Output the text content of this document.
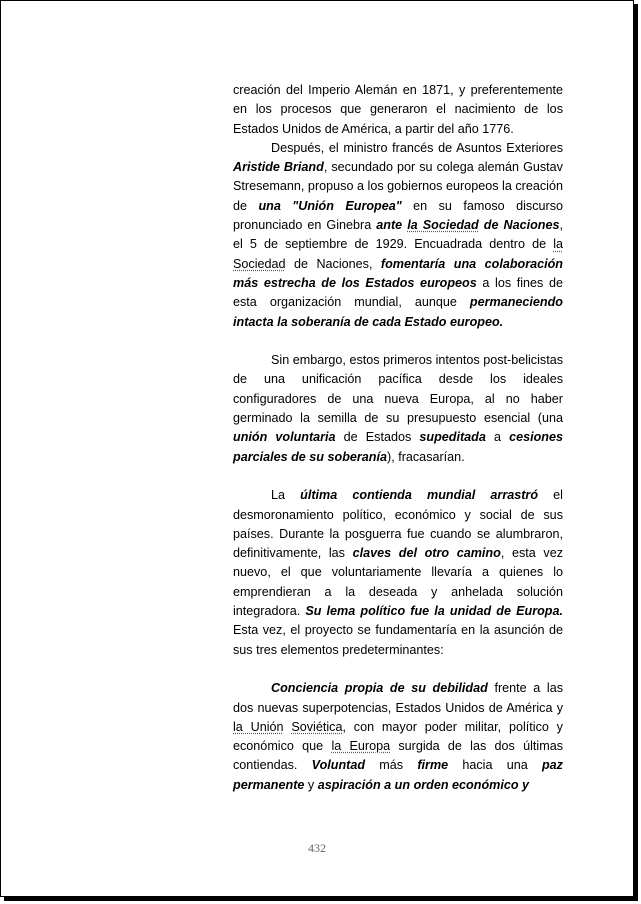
creación del Imperio Alemán en 1871, y preferentemente en los procesos que generaron el nacimiento de los Estados Unidos de América, a partir del año 1776.

Después, el ministro francés de Asuntos Exteriores Aristide Briand, secundado por su colega alemán Gustav Stresemann, propuso a los gobiernos europeos la creación de una "Unión Europea" en su famoso discurso pronunciado en Ginebra ante la Sociedad de Naciones, el 5 de septiembre de 1929. Encuadrada dentro de la Sociedad de Naciones, fomentaría una colaboración más estrecha de los Estados europeos a los fines de esta organización mundial, aunque permaneciendo intacta la soberanía de cada Estado europeo.

Sin embargo, estos primeros intentos post-belicistas de una unificación pacífica desde los ideales configuradores de una nueva Europa, al no haber germinado la semilla de su presupuesto esencial (una unión voluntaria de Estados supeditada a cesiones parciales de su soberanía), fracasarían.

La última contienda mundial arrastró el desmoronamiento político, económico y social de sus países. Durante la posguerra fue cuando se alumbraron, definitivamente, las claves del otro camino, esta vez nuevo, el que voluntariamente llevaría a quienes lo emprendieran a la deseada y anhelada solución integradora. Su lema político fue la unidad de Europa. Esta vez, el proyecto se fundamentaría en la asunción de sus tres elementos predeterminantes:

Conciencia propia de su debilidad frente a las dos nuevas superpotencias, Estados Unidos de América y la Unión Soviética, con mayor poder militar, político y económico que la Europa surgida de las dos últimas contiendas. Voluntad más firme hacia una paz permanente y aspiración a un orden económico y

432
